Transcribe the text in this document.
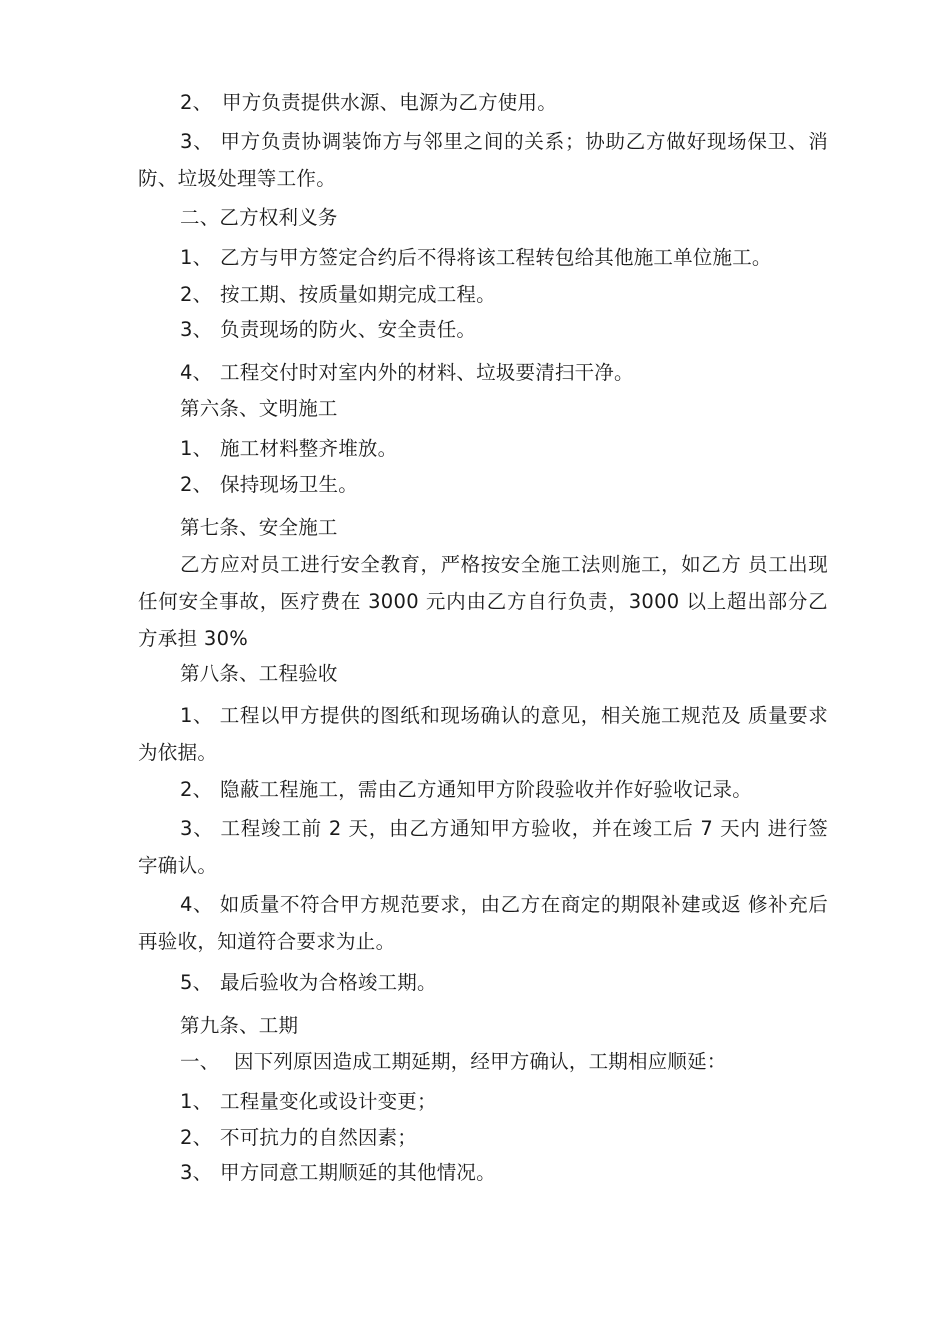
2、 甲方负责提供水源、电源为乙方使用。
3、 甲方负责协调装饰方与邻里之间的关系；协助乙方做好现场保卫、消防、垃圾处理等工作。
二、乙方权利义务
1、 乙方与甲方签定合约后不得将该工程转包给其他施工单位施工。
2、 按工期、按质量如期完成工程。
3、 负责现场的防火、安全责任。
4、 工程交付时对室内外的材料、垃圾要清扫干净。
第六条、文明施工
1、 施工材料整齐堆放。
2、 保持现场卫生。
第七条、安全施工
乙方应对员工进行安全教育，严格按安全施工法则施工，如乙方 员工出现任何安全事故，医疗费在 3000 元内由乙方自行负责，3000 以上超出部分乙方承担 30%
第八条、工程验收
1、 工程以甲方提供的图纸和现场确认的意见，相关施工规范及 质量要求为依据。
2、 隐蔽工程施工，需由乙方通知甲方阶段验收并作好验收记录。
3、 工程竣工前 2 天，由乙方通知甲方验收，并在竣工后 7 天内 进行签字确认。
4、 如质量不符合甲方规范要求，由乙方在商定的期限补建或返 修补充后再验收，知道符合要求为止。
5、 最后验收为合格竣工期。
第九条、工期
一、 因下列原因造成工期延期，经甲方确认，工期相应顺延：
1、 工程量变化或设计变更；
2、 不可抗力的自然因素；
3、 甲方同意工期顺延的其他情况。
